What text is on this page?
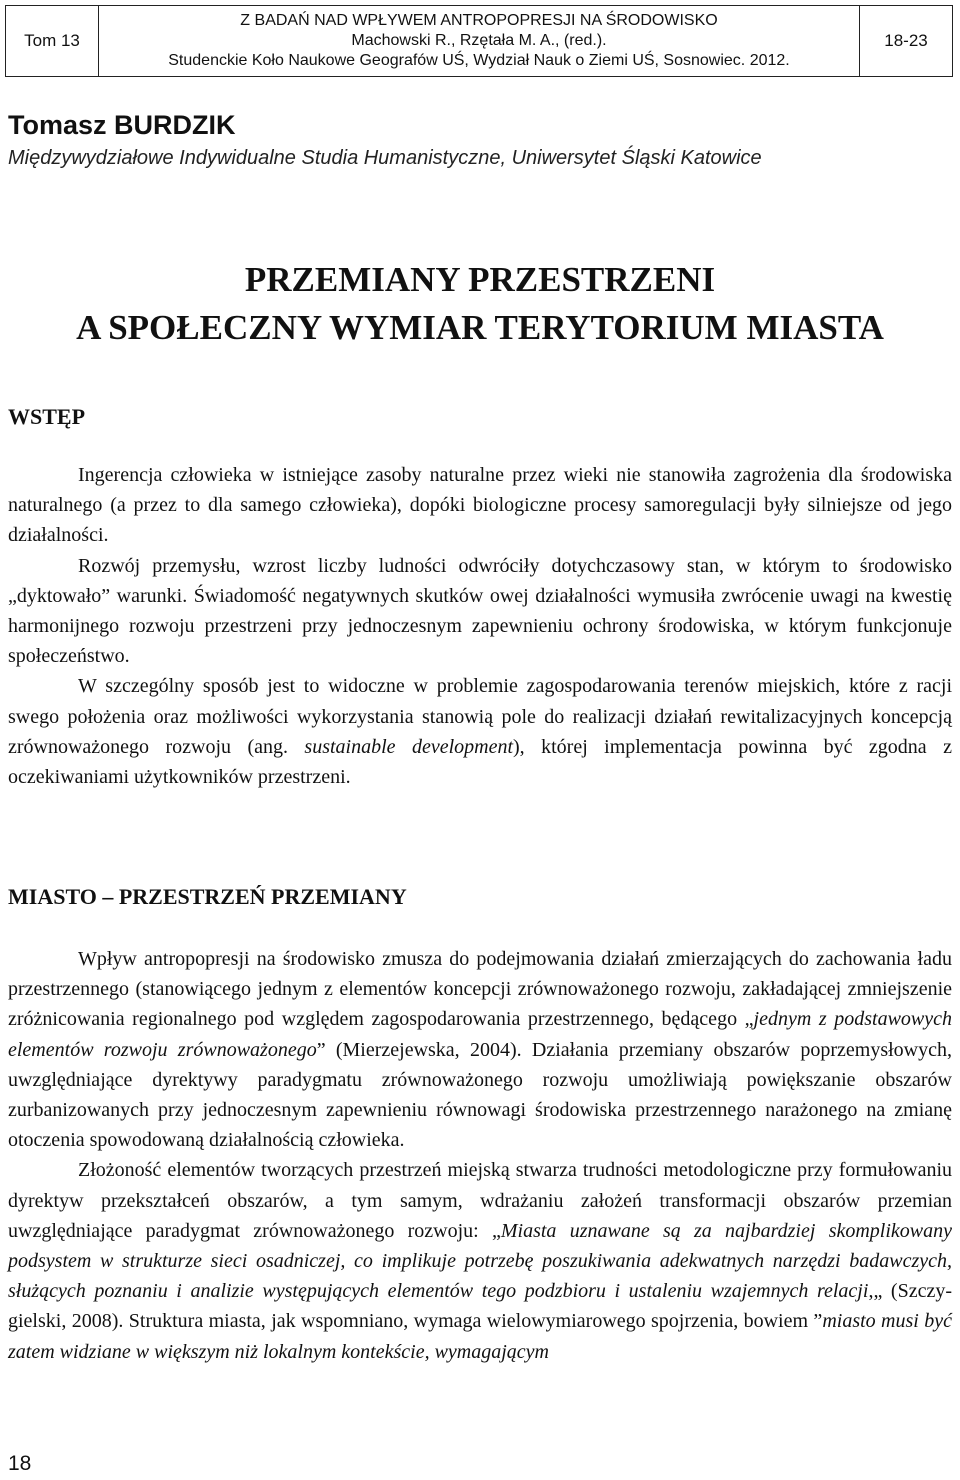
Tom 13
Z BADAŃ NAD WPŁYWEM ANTROPOPRESJI NA ŚRODOWISKO
Machowski R., Rzętała M. A., (red.).
Studenckie Koło Naukowe Geografów UŚ, Wydział Nauk o Ziemi UŚ, Sosnowiec. 2012.
18-23
Tomasz BURDZIK
Międzywydziałowe Indywidualne Studia Humanistyczne, Uniwersytet Śląski Katowice
PRZEMIANY PRZESTRZENI
A SPOŁECZNY WYMIAR TERYTORIUM MIASTA
WSTĘP

Ingerencja człowieka w istniejące zasoby naturalne przez wieki nie stanowiła zagrożenia dla środowiska naturalnego (a przez to dla samego człowieka), dopóki biologiczne procesy samoregulacji były silniejsze od jego działalności.

Rozwój przemysłu, wzrost liczby ludności odwróciły dotychczasowy stan, w którym to środowisko „dyktowało” warunki. Świadomość negatywnych skutków owej działalności wymusiła zwrócenie uwagi na kwestię harmonijnego rozwoju przestrzeni przy jednoczesnym zapewnieniu ochrony środowiska, w którym funkcjonuje społeczeństwo.

W szczególny sposób jest to widoczne w problemie zagospodarowania terenów miejskich, które z racji swego położenia oraz możliwości wykorzystania stanowią pole do realizacji działań rewitalizacyjnych koncepcją zrównoważonego rozwoju (ang. sustainable development), której implementacja powinna być zgodna z oczekiwaniami użytkowników przestrzeni.

MIASTO – PRZESTRZEŃ PRZEMIANY

Wpływ antropopresji na środowisko zmusza do podejmowania działań zmierzających do zachowania ładu przestrzennego (stanowiącego jednym z elementów koncepcji zrównoważonego rozwoju, zakładającej zmniejszenie zróżnicowania regionalnego pod względem zagospodarowania przestrzennego, będącego „jednym z podstawowych elementów rozwoju zrównoważonego” (Mierzejewska, 2004). Działania przemiany obszarów poprzemysłowych, uwzględniające dyrektywy paradygmatu zrównoważonego rozwoju umożliwiają powiększanie obszarów zurbanizowanych przy jednoczesnym zapewnieniu równowagi środowiska przestrzennego narażonego na zmianę otoczenia spowodowaną działalnością człowieka.

Złożoność elementów tworzących przestrzeń miejską stwarza trudności metodologiczne przy formułowaniu dyrektyw przekształceń obszarów, a tym samym, wdrażaniu założeń transformacji obszarów przemian uwzględniające paradygmat zrównoważonego rozwoju: „Miasta uznawane są za najbardziej skomplikowany podsystem w strukturze sieci osadniczej, co implikuje potrzebę poszukiwania adekwatnych narzędzi badawczych, służących poznaniu i analizie występujących elementów tego podzbioru i ustaleniu wzajemnych relacji,„ (Szczygielski, 2008). Struktura miasta, jak wspomniano, wymaga wielowymiarowego spojrzenia, bowiem ”miasto musi być zatem widziane w większym niż lokalnym kontekście, wymagającym

18
